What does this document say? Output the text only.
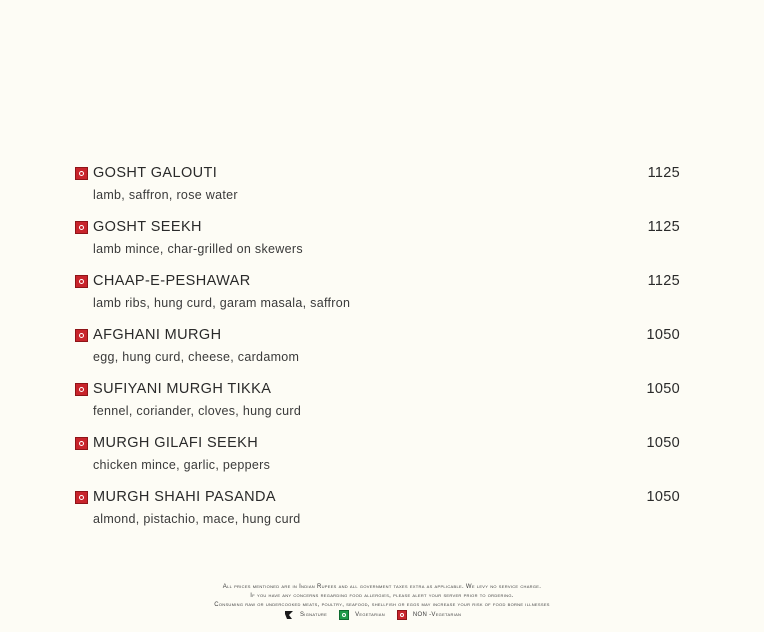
GOSHT GALOUTI	1125
lamb, saffron, rose water
GOSHT SEEKH	1125
lamb mince, char-grilled on skewers
CHAAP-E-PESHAWAR	1125
lamb ribs, hung curd, garam masala, saffron
AFGHANI MURGH	1050
egg, hung curd, cheese, cardamom
SUFIYANI MURGH TIKKA	1050
fennel, coriander, cloves, hung curd
MURGH GILAFI SEEKH	1050
chicken mince, garlic, peppers
MURGH SHAHI PASANDA	1050
almond, pistachio, mace, hung curd
All prices mentioned are in Indian Rupees and all government taxes extra as applicable. We levy no service charge.
If you have any concerns regarding food allergies, please alert your server prior to ordering.
Consuming raw or undercooked meats, poultry, seafood, shellfish or eggs may increase your risk of food borne illnesses
Signature	Vegetarian	NON -Vegetarian
